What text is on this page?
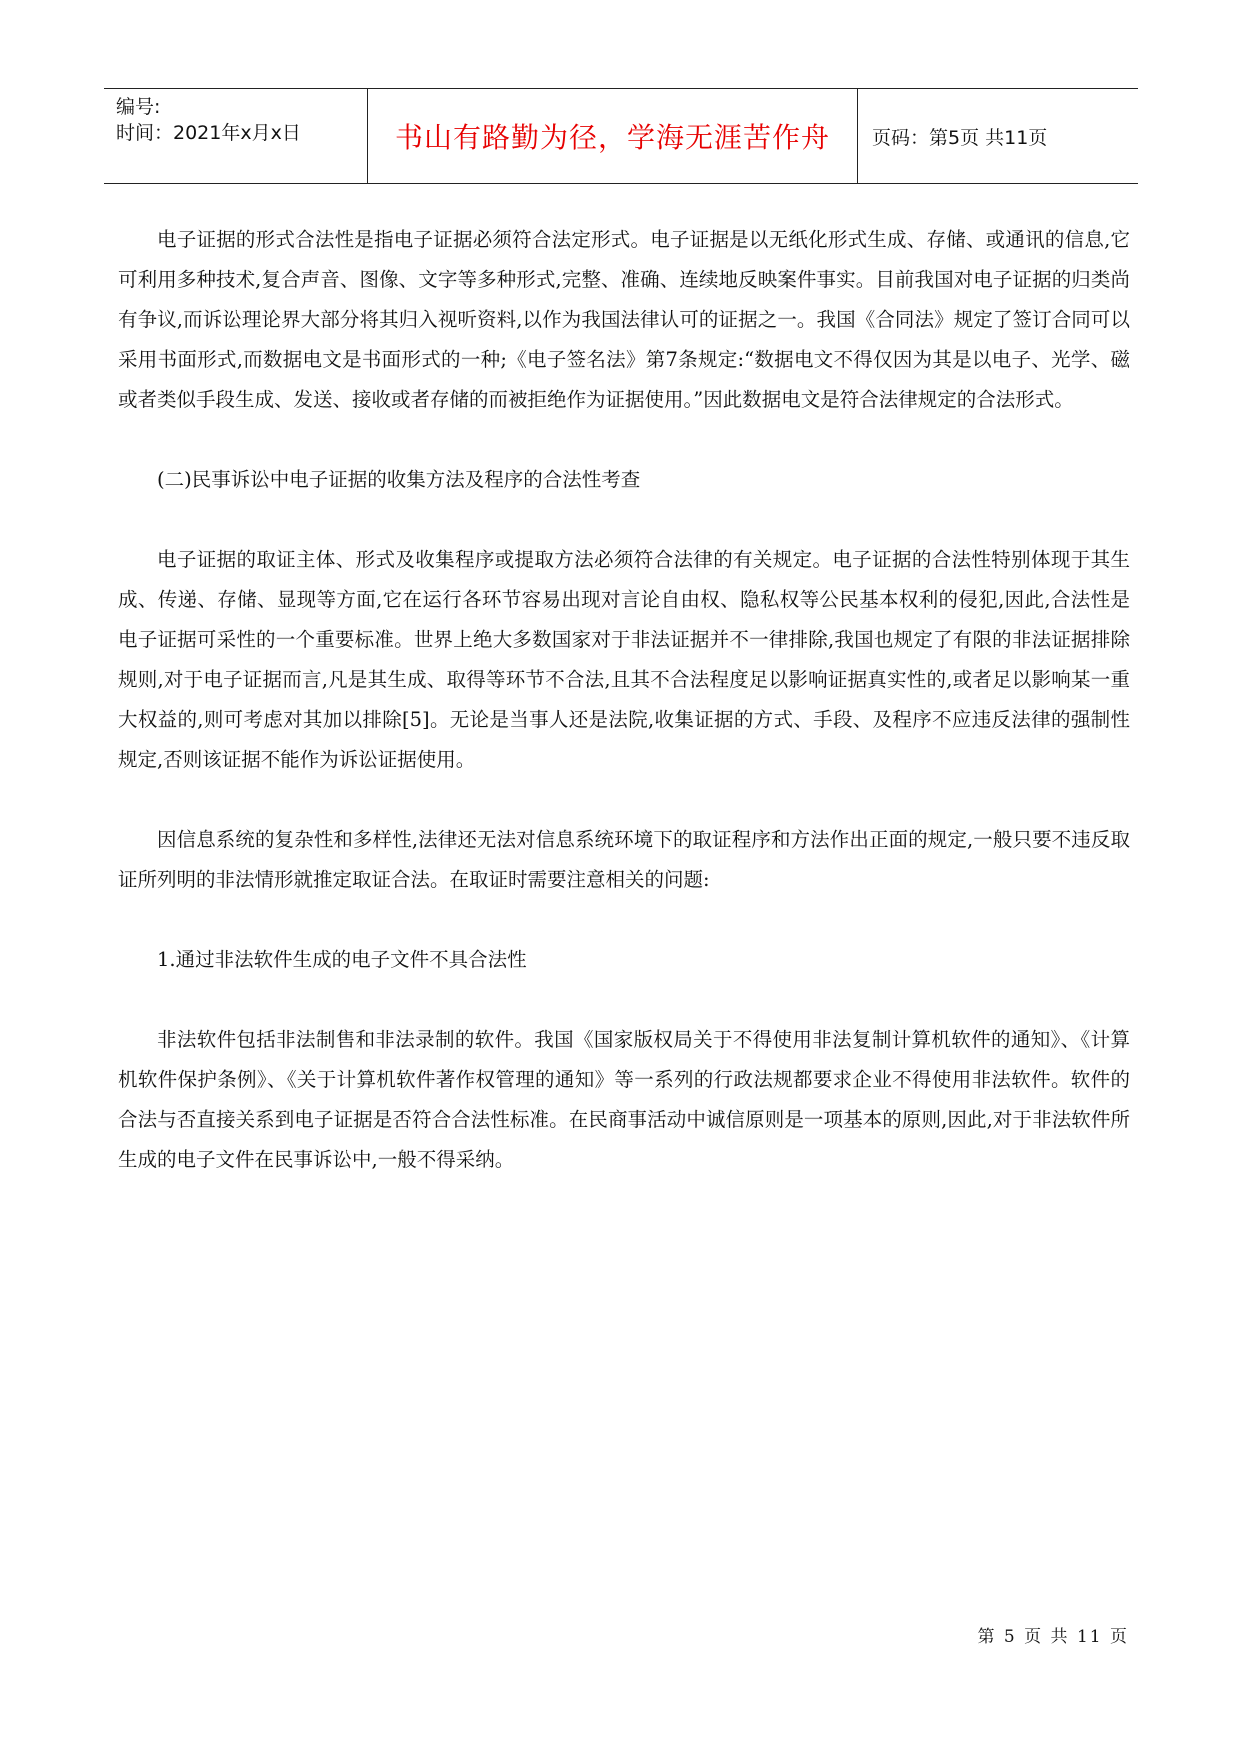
编号:
时间：2021年x月x日	书山有路勤为径，学海无涯苦作舟	页码：第5页 共11页

电子证据的形式合法性是指电子证据必须符合法定形式。电子证据是以无纸化形式生成、存储、或通讯的信息,它可利用多种技术,复合声音、图像、文字等多种形式,完整、准确、连续地反映案件事实。目前我国对电子证据的归类尚有争议,而诉讼理论界大部分将其归入视听资料,以作为我国法律认可的证据之一。我国《合同法》规定了签订合同可以采用书面形式,而数据电文是书面形式的一种;《电子签名法》第7条规定:“数据电文不得仅因为其是以电子、光学、磁或者类似手段生成、发送、接收或者存储的而被拒绝作为证据使用。”因此数据电文是符合法律规定的合法形式。

(二)民事诉讼中电子证据的收集方法及程序的合法性考查

电子证据的取证主体、形式及收集程序或提取方法必须符合法律的有关规定。电子证据的合法性特别体现于其生成、传递、存储、显现等方面,它在运行各环节容易出现对言论自由权、隐私权等公民基本权利的侵犯,因此,合法性是电子证据可采性的一个重要标准。世界上绝大多数国家对于非法证据并不一律排除,我国也规定了有限的非法证据排除规则,对于电子证据而言,凡是其生成、取得等环节不合法,且其不合法程度足以影响证据真实性的,或者足以影响某一重大权益的,则可考虑对其加以排除[5]。无论是当事人还是法院,收集证据的方式、手段、及程序不应违反法律的强制性规定,否则该证据不能作为诉讼证据使用。

因信息系统的复杂性和多样性,法律还无法对信息系统环境下的取证程序和方法作出正面的规定,一般只要不违反取证所列明的非法情形就推定取证合法。在取证时需要注意相关的问题:

1.通过非法软件生成的电子文件不具合法性

非法软件包括非法制售和非法录制的软件。我国《国家版权局关于不得使用非法复制计算机软件的通知》、《计算机软件保护条例》、《关于计算机软件著作权管理的通知》等一系列的行政法规都要求企业不得使用非法软件。软件的合法与否直接关系到电子证据是否符合合法性标准。在民商事活动中诚信原则是一项基本的原则,因此,对于非法软件所生成的电子文件在民事诉讼中,一般不得采纳。

第 5 页 共 11 页
